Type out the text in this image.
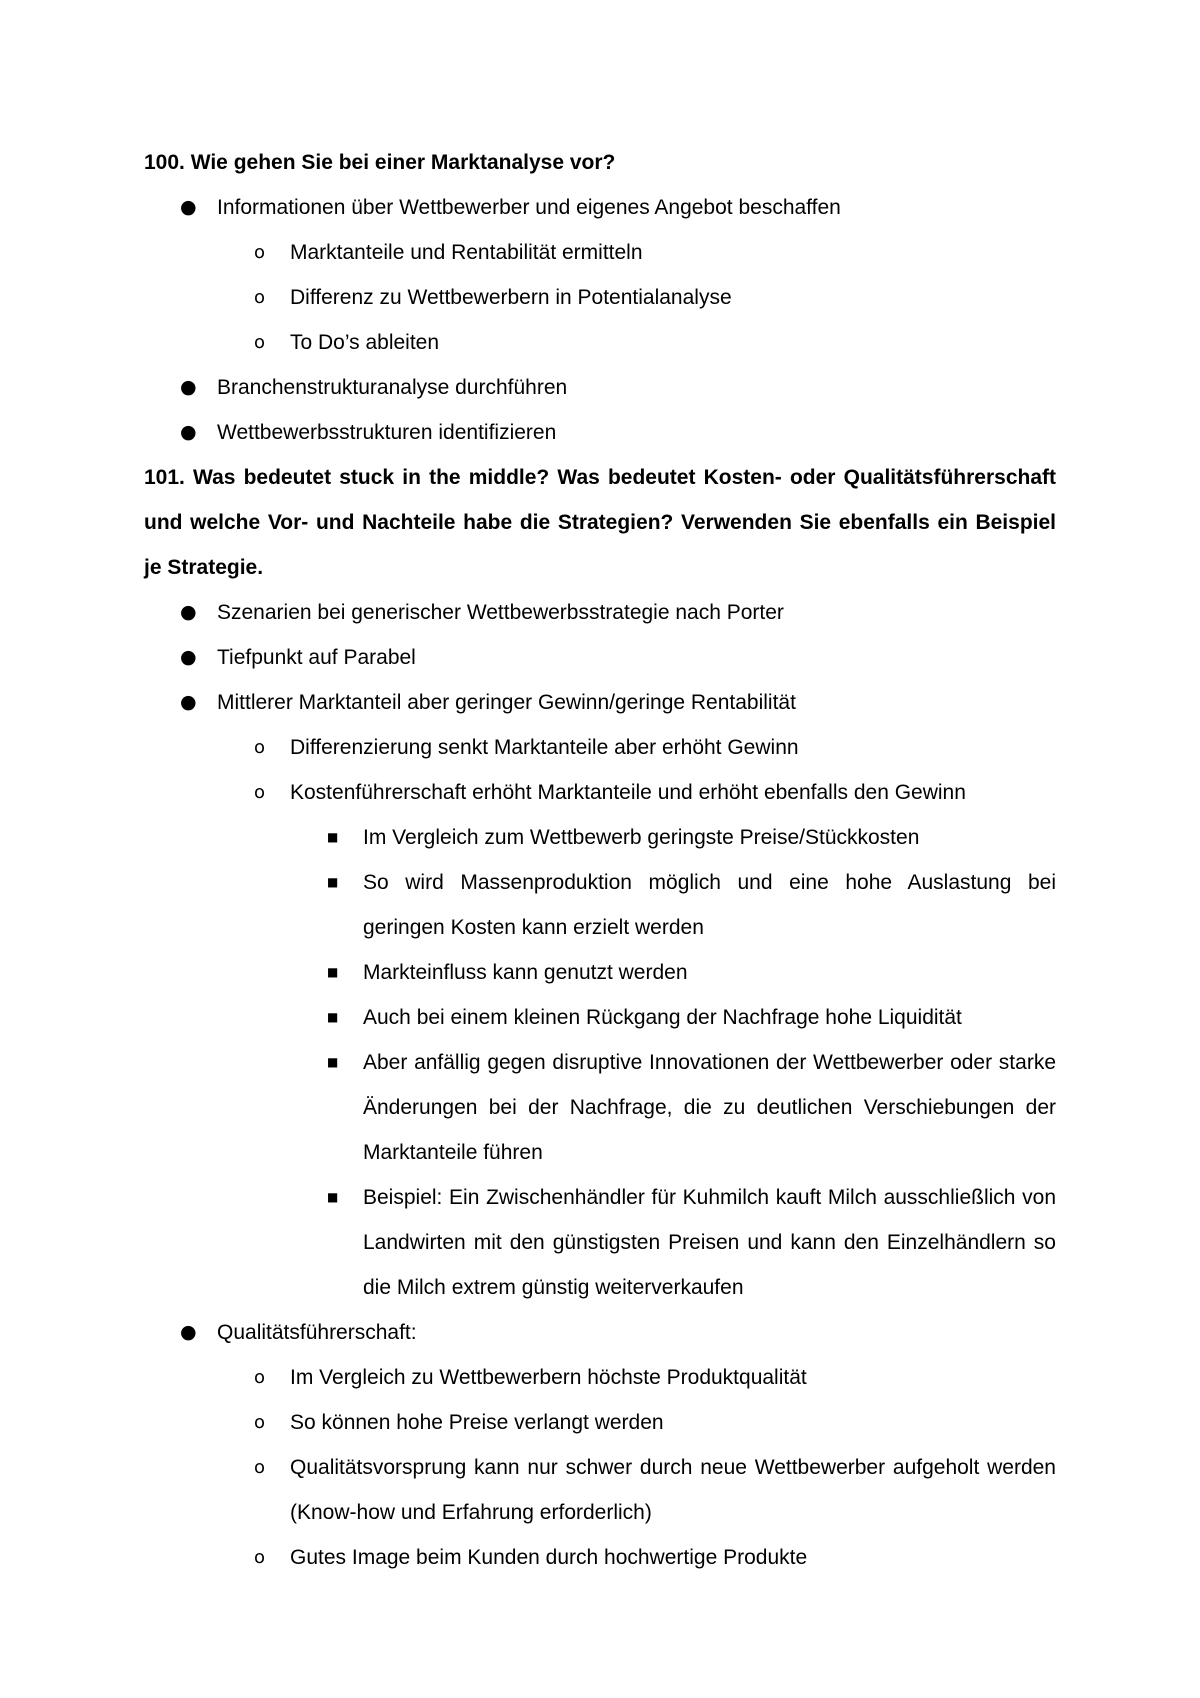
100. Wie gehen Sie bei einer Marktanalyse vor?
●
Informationen über Wettbewerber und eigenes Angebot beschaffen
o
Marktanteile und Rentabilität ermitteln
o
Differenz zu Wettbewerbern in Potentialanalyse
o
To Do’s ableiten
●
Branchenstrukturanalyse durchführen
●
Wettbewerbsstrukturen identifizieren
101. Was bedeutet stuck in the middle? Was bedeutet Kosten- oder Qualitätsführerschaft und welche Vor- und Nachteile habe die Strategien? Verwenden Sie ebenfalls ein Beispiel je Strategie.
●
Szenarien bei generischer Wettbewerbsstrategie nach Porter
●
Tiefpunkt auf Parabel
●
Mittlerer Marktanteil aber geringer Gewinn/geringe Rentabilität
o
Differenzierung senkt Marktanteile aber erhöht Gewinn
o
Kostenführerschaft erhöht Marktanteile und erhöht ebenfalls den Gewinn
■
Im Vergleich zum Wettbewerb geringste Preise/Stückkosten
■
So wird Massenproduktion möglich und eine hohe Auslastung bei geringen Kosten kann erzielt werden
■
Markteinfluss kann genutzt werden
■
Auch bei einem kleinen Rückgang der Nachfrage hohe Liquidität
■
Aber anfällig gegen disruptive Innovationen der Wettbewerber oder starke Änderungen bei der Nachfrage, die zu deutlichen Verschiebungen der Marktanteile führen
■
Beispiel: Ein Zwischenhändler für Kuhmilch kauft Milch ausschließlich von Landwirten mit den günstigsten Preisen und kann den Einzelhändlern so die Milch extrem günstig weiterverkaufen
●
Qualitätsführerschaft:
o
Im Vergleich zu Wettbewerbern höchste Produktqualität
o
So können hohe Preise verlangt werden
o
Qualitätsvorsprung kann nur schwer durch neue Wettbewerber aufgeholt werden (Know-how und Erfahrung erforderlich)
o
Gutes Image beim Kunden durch hochwertige Produkte
